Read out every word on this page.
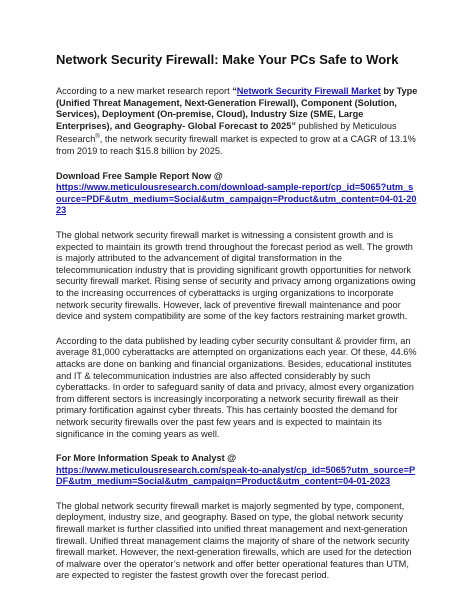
Network Security Firewall: Make Your PCs Safe to Work

According to a new market research report “Network Security Firewall Market by Type (Unified Threat Management, Next-Generation Firewall), Component (Solution, Services), Deployment (On-premise, Cloud), Industry Size (SME, Large Enterprises), and Geography- Global Forecast to 2025” published by Meticulous Research®, the network security firewall market is expected to grow at a CAGR of 13.1% from 2019 to reach $15.8 billion by 2025.

Download Free Sample Report Now @
https://www.meticulousresearch.com/download-sample-report/cp_id=5065?utm_source=PDF&utm_medium=Social&utm_campaign=Product&utm_content=04-01-2023

The global network security firewall market is witnessing a consistent growth and is expected to maintain its growth trend throughout the forecast period as well. The growth is majorly attributed to the advancement of digital transformation in the telecommunication industry that is providing significant growth opportunities for network security firewall market. Rising sense of security and privacy among organizations owing to the increasing occurrences of cyberattacks is urging organizations to incorporate network security firewalls. However, lack of preventive firewall maintenance and poor device and system compatibility are some of the key factors restraining market growth.

According to the data published by leading cyber security consultant & provider firm, an average 81,000 cyberattacks are attempted on organizations each year. Of these, 44.6% attacks are done on banking and financial organizations. Besides, educational institutes and IT & telecommunication industries are also affected considerably by such cyberattacks. In order to safeguard sanity of data and privacy, almost every organization from different sectors is increasingly incorporating a network security firewall as their primary fortification against cyber threats. This has certainly boosted the demand for network security firewalls over the past few years and is expected to maintain its significance in the coming years as well.

For More Information Speak to Analyst @
https://www.meticulousresearch.com/speak-to-analyst/cp_id=5065?utm_source=PDF&utm_medium=Social&utm_campaign=Product&utm_content=04-01-2023

The global network security firewall market is majorly segmented by type, component, deployment, industry size, and geography. Based on type, the global network security firewall market is further classified into unified threat management and next-generation firewall. Unified threat management claims the majority of share of the network security firewall market. However, the next-generation firewalls, which are used for the detection of malware over the operator’s network and offer better operational features than UTM, are expected to register the fastest growth over the forecast period.
